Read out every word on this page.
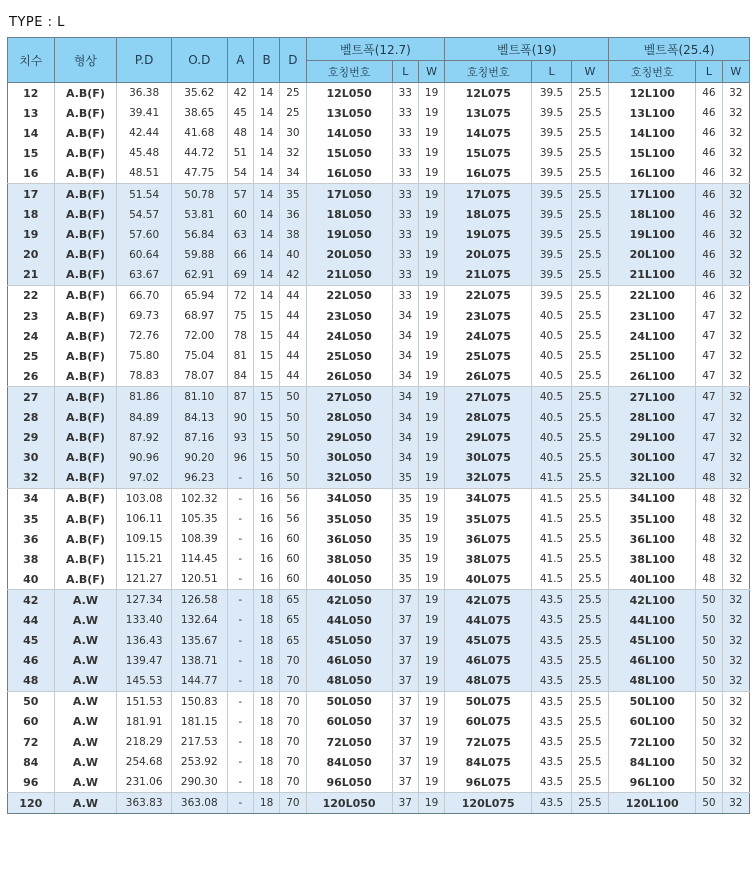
TYPE : L
치수	형상	P.D	O.D	A	B	D	벨트폭(12.7)			벨트폭(19)			벨트폭(25.4)		
							호칭번호	L	W	호칭번호	L	W	호칭번호	L	W
12	A.B(F)	36.38	35.62	42	14	25	12L050	33	19	12L075	39.5	25.5	12L100	46	32
13	A.B(F)	39.41	38.65	45	14	25	13L050	33	19	13L075	39.5	25.5	13L100	46	32
14	A.B(F)	42.44	41.68	48	14	30	14L050	33	19	14L075	39.5	25.5	14L100	46	32
15	A.B(F)	45.48	44.72	51	14	32	15L050	33	19	15L075	39.5	25.5	15L100	46	32
16	A.B(F)	48.51	47.75	54	14	34	16L050	33	19	16L075	39.5	25.5	16L100	46	32
17	A.B(F)	51.54	50.78	57	14	35	17L050	33	19	17L075	39.5	25.5	17L100	46	32
18	A.B(F)	54.57	53.81	60	14	36	18L050	33	19	18L075	39.5	25.5	18L100	46	32
19	A.B(F)	57.60	56.84	63	14	38	19L050	33	19	19L075	39.5	25.5	19L100	46	32
20	A.B(F)	60.64	59.88	66	14	40	20L050	33	19	20L075	39.5	25.5	20L100	46	32
21	A.B(F)	63.67	62.91	69	14	42	21L050	33	19	21L075	39.5	25.5	21L100	46	32
22	A.B(F)	66.70	65.94	72	14	44	22L050	33	19	22L075	39.5	25.5	22L100	46	32
23	A.B(F)	69.73	68.97	75	15	44	23L050	34	19	23L075	40.5	25.5	23L100	47	32
24	A.B(F)	72.76	72.00	78	15	44	24L050	34	19	24L075	40.5	25.5	24L100	47	32
25	A.B(F)	75.80	75.04	81	15	44	25L050	34	19	25L075	40.5	25.5	25L100	47	32
26	A.B(F)	78.83	78.07	84	15	44	26L050	34	19	26L075	40.5	25.5	26L100	47	32
27	A.B(F)	81.86	81.10	87	15	50	27L050	34	19	27L075	40.5	25.5	27L100	47	32
28	A.B(F)	84.89	84.13	90	15	50	28L050	34	19	28L075	40.5	25.5	28L100	47	32
29	A.B(F)	87.92	87.16	93	15	50	29L050	34	19	29L075	40.5	25.5	29L100	47	32
30	A.B(F)	90.96	90.20	96	15	50	30L050	34	19	30L075	40.5	25.5	30L100	47	32
32	A.B(F)	97.02	96.23	-	16	50	32L050	35	19	32L075	41.5	25.5	32L100	48	32
34	A.B(F)	103.08	102.32	-	16	56	34L050	35	19	34L075	41.5	25.5	34L100	48	32
35	A.B(F)	106.11	105.35	-	16	56	35L050	35	19	35L075	41.5	25.5	35L100	48	32
36	A.B(F)	109.15	108.39	-	16	60	36L050	35	19	36L075	41.5	25.5	36L100	48	32
38	A.B(F)	115.21	114.45	-	16	60	38L050	35	19	38L075	41.5	25.5	38L100	48	32
40	A.B(F)	121.27	120.51	-	16	60	40L050	35	19	40L075	41.5	25.5	40L100	48	32
42	A.W	127.34	126.58	-	18	65	42L050	37	19	42L075	43.5	25.5	42L100	50	32
44	A.W	133.40	132.64	-	18	65	44L050	37	19	44L075	43.5	25.5	44L100	50	32
45	A.W	136.43	135.67	-	18	65	45L050	37	19	45L075	43.5	25.5	45L100	50	32
46	A.W	139.47	138.71	-	18	70	46L050	37	19	46L075	43.5	25.5	46L100	50	32
48	A.W	145.53	144.77	-	18	70	48L050	37	19	48L075	43.5	25.5	48L100	50	32
50	A.W	151.53	150.83	-	18	70	50L050	37	19	50L075	43.5	25.5	50L100	50	32
60	A.W	181.91	181.15	-	18	70	60L050	37	19	60L075	43.5	25.5	60L100	50	32
72	A.W	218.29	217.53	-	18	70	72L050	37	19	72L075	43.5	25.5	72L100	50	32
84	A.W	254.68	253.92	-	18	70	84L050	37	19	84L075	43.5	25.5	84L100	50	32
96	A.W	231.06	290.30	-	18	70	96L050	37	19	96L075	43.5	25.5	96L100	50	32
120	A.W	363.83	363.08	-	18	70	120L050	37	19	120L075	43.5	25.5	120L100	50	32
